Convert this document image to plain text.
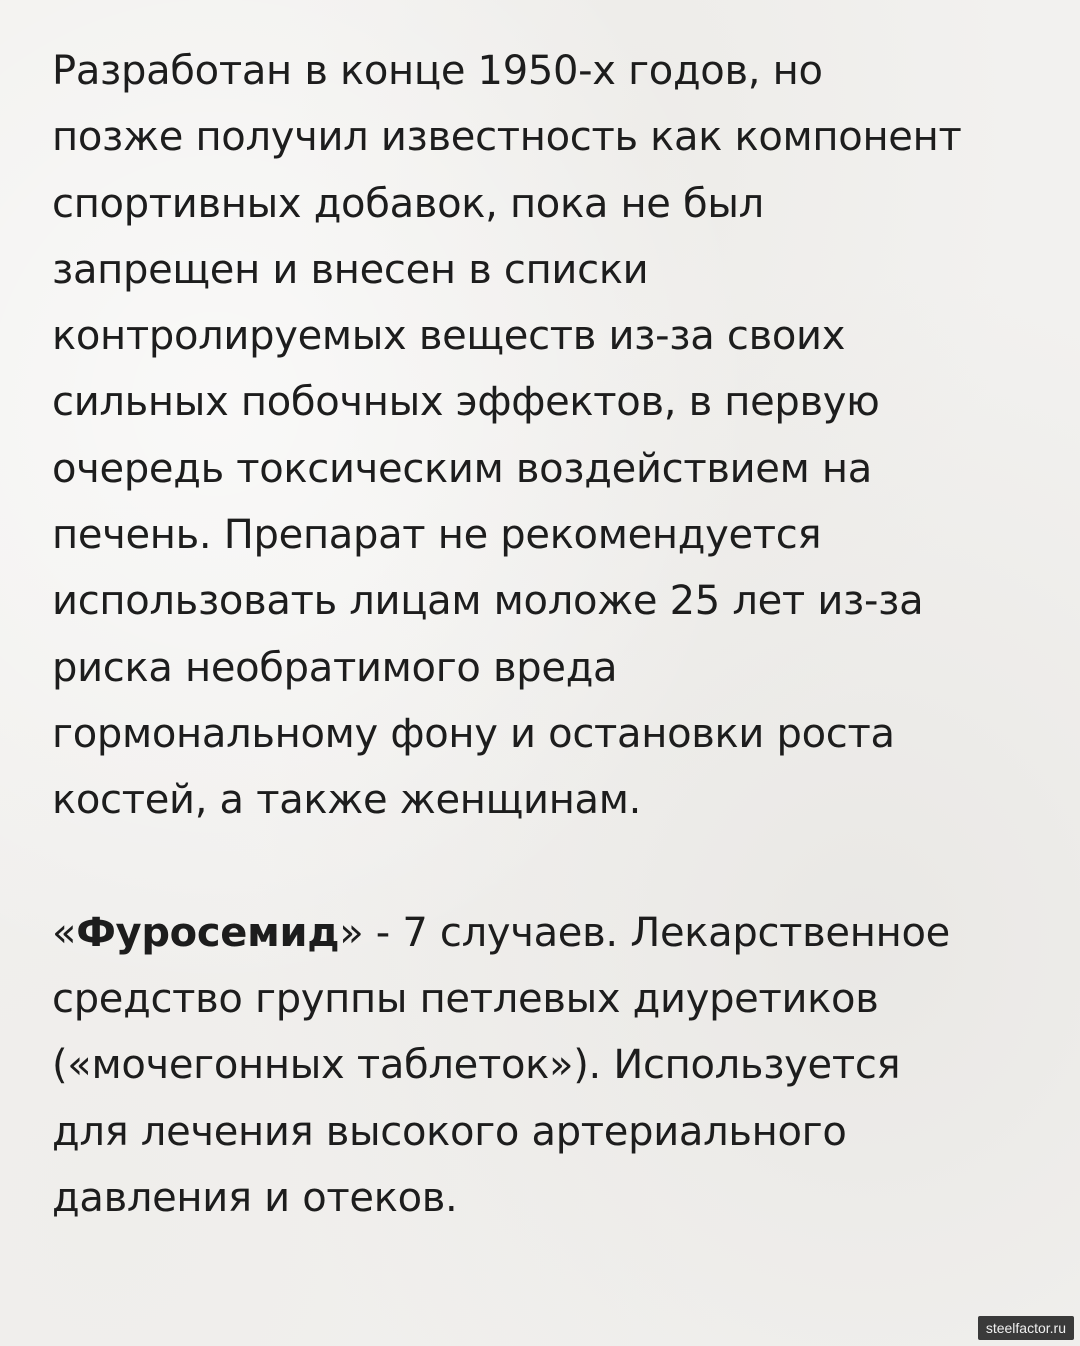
Разработан в конце 1950-х годов, но
позже получил известность как компонент
спортивных добавок, пока не был
запрещен и внесен в списки
контролируемых веществ из-за своих
сильных побочных эффектов, в первую
очередь токсическим воздействием на
печень. Препарат не рекомендуется
использовать лицам моложе 25 лет из-за
риска необратимого вреда
гормональному фону и остановки роста
костей, а также женщинам.
«Фуросемид» - 7 случаев. Лекарственное
средство группы петлевых диуретиков
(«мочегонных таблеток»). Используется
для лечения высокого артериального
давления и отеков.
steelfactor.ru
